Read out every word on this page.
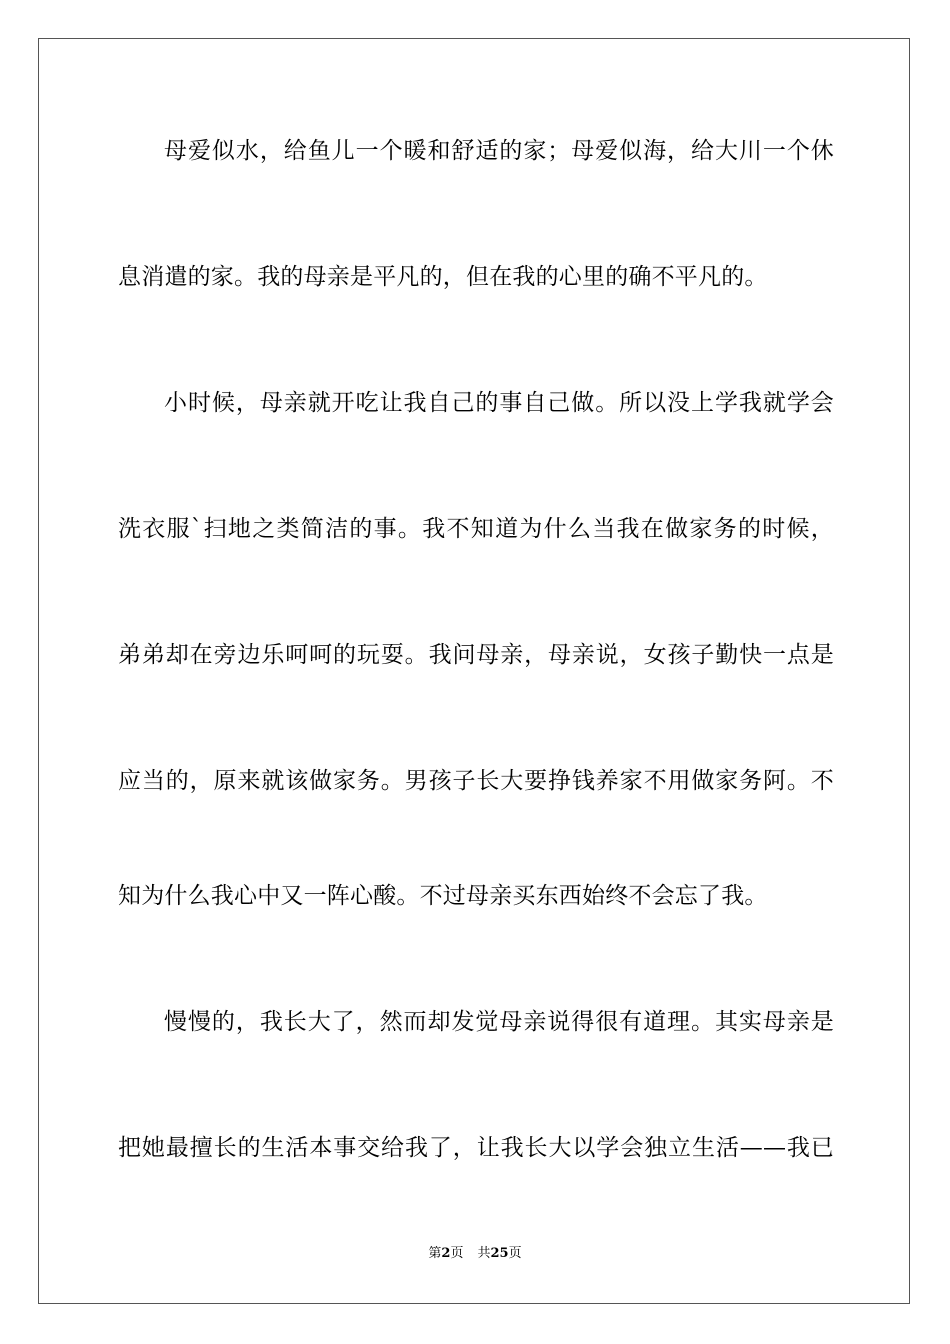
母爱似水，给鱼儿一个暖和舒适的家；母爱似海，给大川一个休
息消遣的家。我的母亲是平凡的，但在我的心里的确不平凡的。
小时候，母亲就开吃让我自己的事自己做。所以没上学我就学会
洗衣服`扫地之类简洁的事。我不知道为什么当我在做家务的时候，
弟弟却在旁边乐呵呵的玩耍。我问母亲，母亲说，女孩子勤快一点是
应当的，原来就该做家务。男孩子长大要挣钱养家不用做家务阿。不
知为什么我心中又一阵心酸。不过母亲买东西始终不会忘了我。
慢慢的，我长大了，然而却发觉母亲说得很有道理。其实母亲是
把她最擅长的生活本事交给我了，让我长大以学会独立生活——我已
第2页 共25页
